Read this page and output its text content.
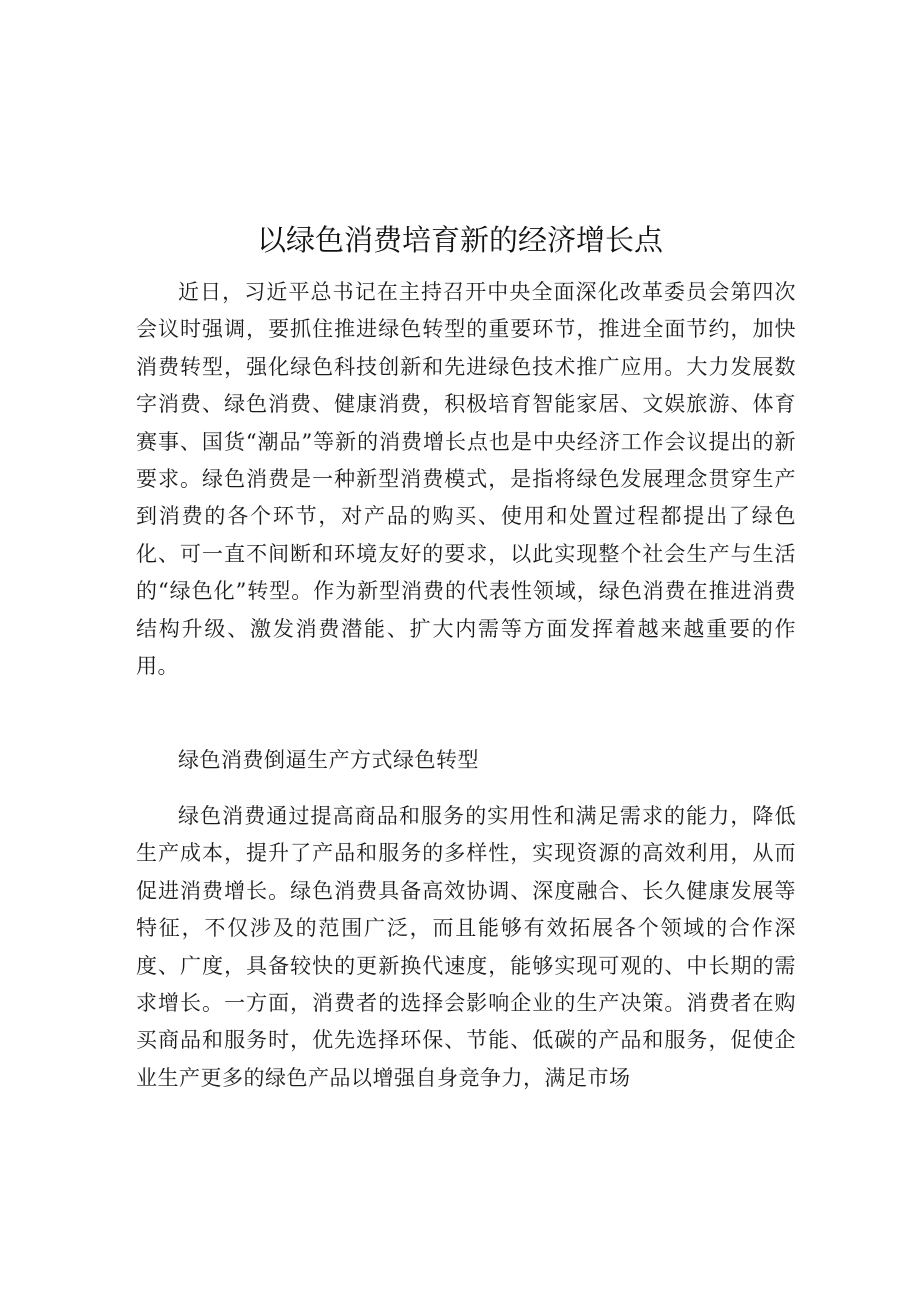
以绿色消费培育新的经济增长点

近日，习近平总书记在主持召开中央全面深化改革委员会第四次会议时强调，要抓住推进绿色转型的重要环节，推进全面节约，加快消费转型，强化绿色科技创新和先进绿色技术推广应用。大力发展数字消费、绿色消费、健康消费，积极培育智能家居、文娱旅游、体育赛事、国货“潮品”等新的消费增长点也是中央经济工作会议提出的新要求。绿色消费是一种新型消费模式，是指将绿色发展理念贯穿生产到消费的各个环节，对产品的购买、使用和处置过程都提出了绿色化、可一直不间断和环境友好的要求，以此实现整个社会生产与生活的“绿色化”转型。作为新型消费的代表性领域，绿色消费在推进消费结构升级、激发消费潜能、扩大内需等方面发挥着越来越重要的作用。

绿色消费倒逼生产方式绿色转型

绿色消费通过提高商品和服务的实用性和满足需求的能力，降低生产成本，提升了产品和服务的多样性，实现资源的高效利用，从而促进消费增长。绿色消费具备高效协调、深度融合、长久健康发展等特征，不仅涉及的范围广泛，而且能够有效拓展各个领域的合作深度、广度，具备较快的更新换代速度，能够实现可观的、中长期的需求增长。一方面，消费者的选择会影响企业的生产决策。消费者在购买商品和服务时，优先选择环保、节能、低碳的产品和服务，促使企业生产更多的绿色产品以增强自身竞争力，满足市场
